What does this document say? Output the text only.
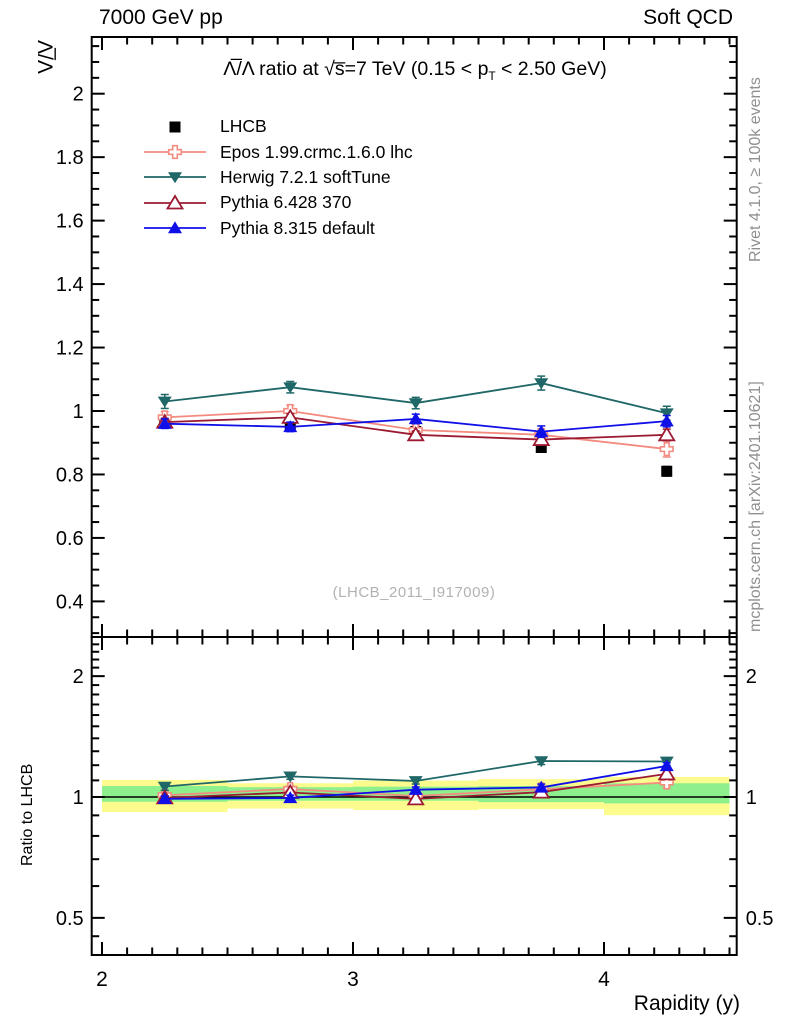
0.4
0.6
0.8
1
1.2
1.4
1.6
1.8
2
0.5	0.5
1	1
2	2
2	3	4
Λ̅/Λ
Ratio to LHCB
Rivet 4.1.0, ≥ 100k events
mcplots.cern.ch [arXiv:2401.10621]
7000 GeV pp	Soft QCD
Λ̅/Λ ratio at √s̅=7 TeV ($0.15 < p_T < 2.50$ GeV)
LHCB
Epos 1.99.crmc.1.6.0 lhc
Herwig 7.2.1 softTune
Pythia 6.428 370
Pythia 8.315 default
(LHCB_2011_I917009)
Rapidity (y)
